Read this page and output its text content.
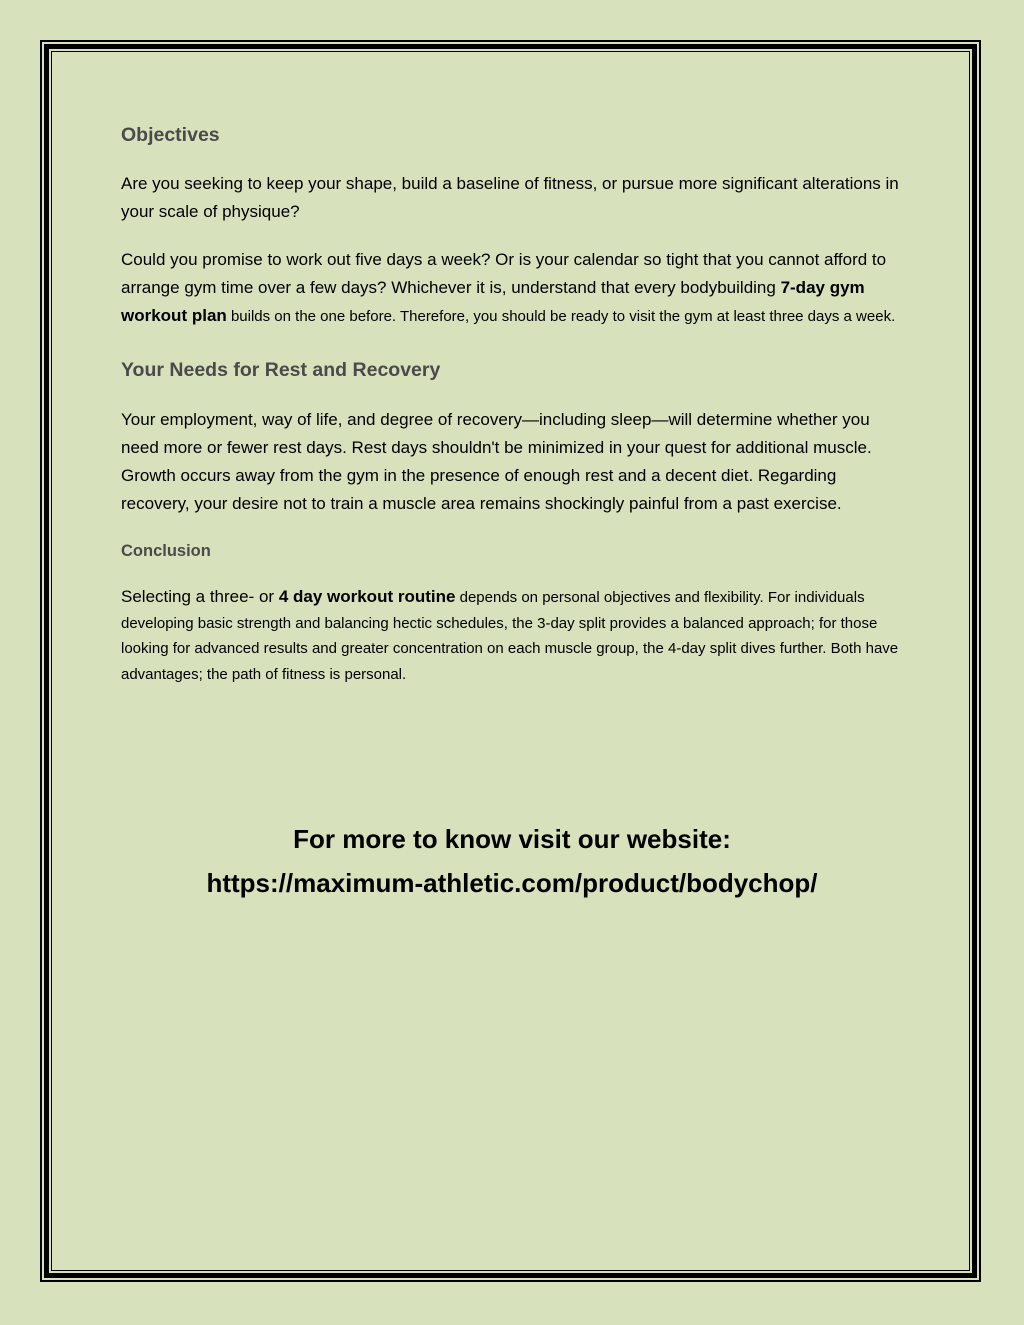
Objectives

Are you seeking to keep your shape, build a baseline of fitness, or pursue more significant alterations in your scale of physique?

Could you promise to work out five days a week? Or is your calendar so tight that you cannot afford to arrange gym time over a few days? Whichever it is, understand that every bodybuilding 7-day gym workout plan builds on the one before. Therefore, you should be ready to visit the gym at least three days a week.

Your Needs for Rest and Recovery

Your employment, way of life, and degree of recovery—including sleep—will determine whether you need more or fewer rest days. Rest days shouldn't be minimized in your quest for additional muscle. Growth occurs away from the gym in the presence of enough rest and a decent diet. Regarding recovery, your desire not to train a muscle area remains shockingly painful from a past exercise.

Conclusion

Selecting a three- or 4 day workout routine depends on personal objectives and flexibility. For individuals developing basic strength and balancing hectic schedules, the 3-day split provides a balanced approach; for those looking for advanced results and greater concentration on each muscle group, the 4-day split dives further. Both have advantages; the path of fitness is personal.

For more to know visit our website:
https://maximum-athletic.com/product/bodychop/
